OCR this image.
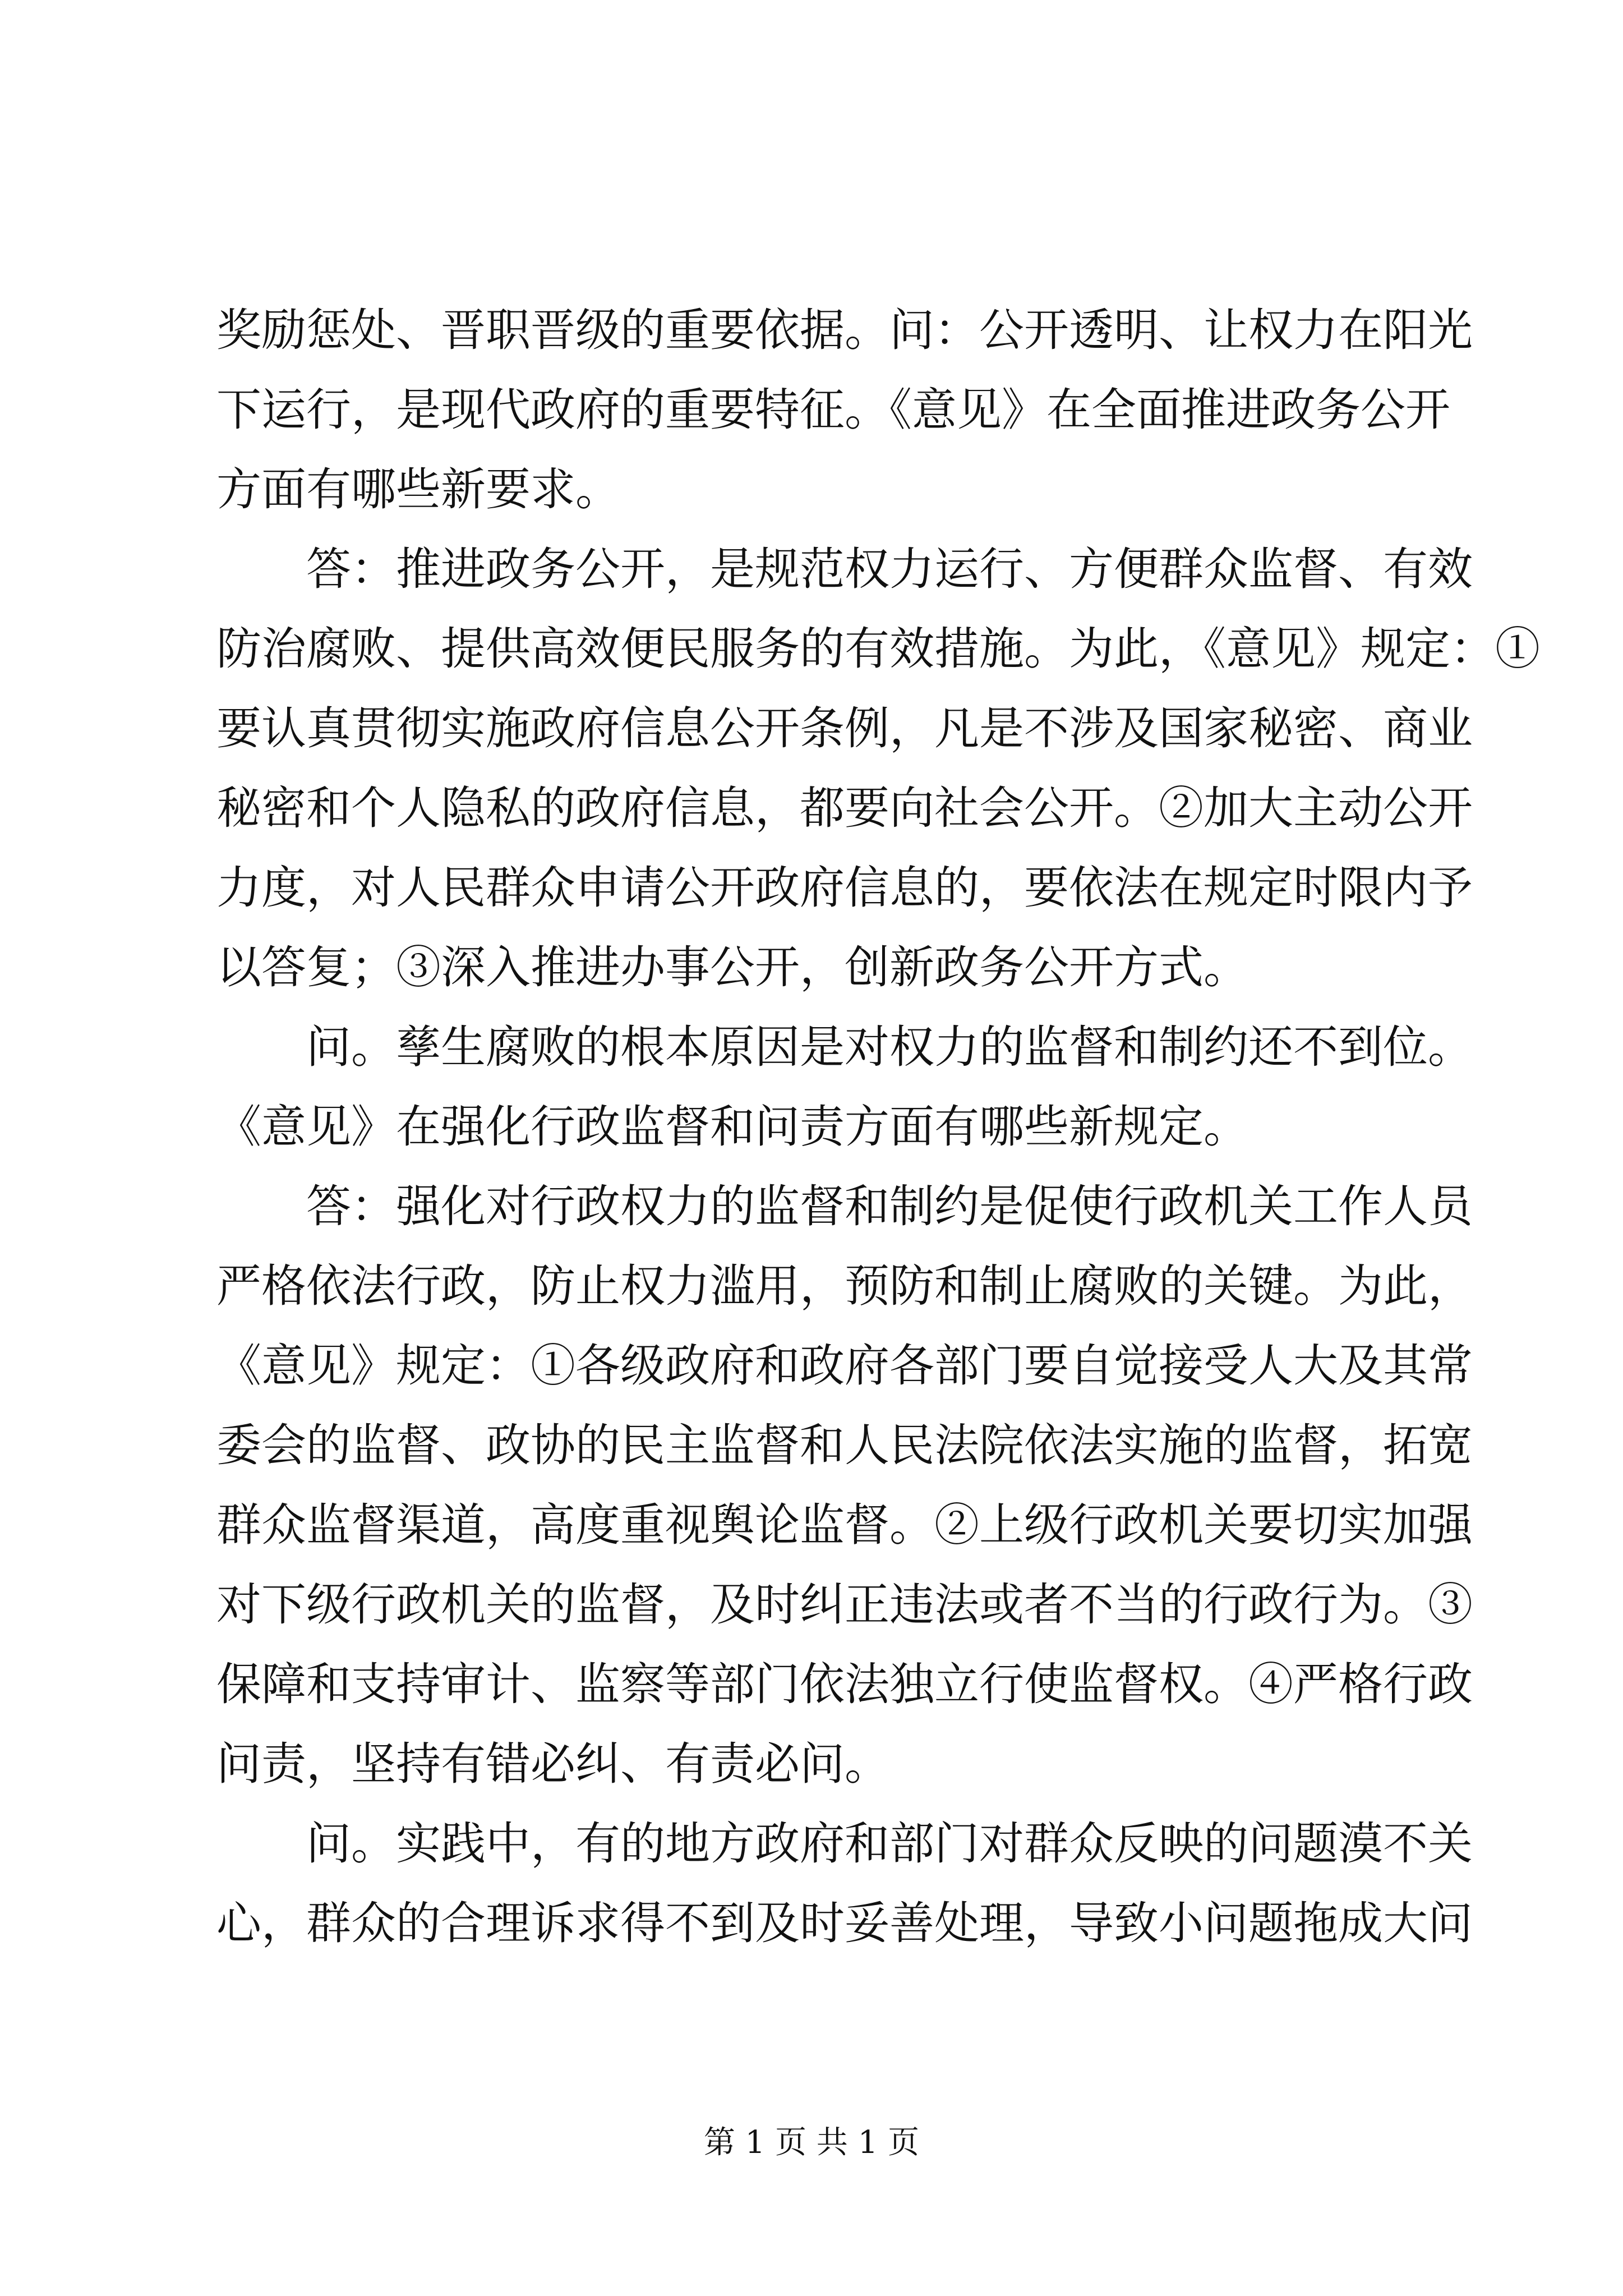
奖励惩处、晋职晋级的重要依据。问：公开透明、让权力在阳光
下运行，是现代政府的重要特征。《意见》在全面推进政务公开
方面有哪些新要求。
　　答：推进政务公开，是规范权力运行、方便群众监督、有效
防治腐败、提供高效便民服务的有效措施。为此，《意见》规定：①
要认真贯彻实施政府信息公开条例，凡是不涉及国家秘密、商业
秘密和个人隐私的政府信息，都要向社会公开。②加大主动公开
力度，对人民群众申请公开政府信息的，要依法在规定时限内予
以答复；③深入推进办事公开，创新政务公开方式。
　　问。孳生腐败的根本原因是对权力的监督和制约还不到位。
《意见》在强化行政监督和问责方面有哪些新规定。
　　答：强化对行政权力的监督和制约是促使行政机关工作人员
严格依法行政，防止权力滥用，预防和制止腐败的关键。为此，
《意见》规定：①各级政府和政府各部门要自觉接受人大及其常
委会的监督、政协的民主监督和人民法院依法实施的监督，拓宽
群众监督渠道，高度重视舆论监督。②上级行政机关要切实加强
对下级行政机关的监督，及时纠正违法或者不当的行政行为。③
保障和支持审计、监察等部门依法独立行使监督权。④严格行政
问责，坚持有错必纠、有责必问。
　　问。实践中，有的地方政府和部门对群众反映的问题漠不关
心，群众的合理诉求得不到及时妥善处理，导致小问题拖成大问
第 1 页 共 1 页
